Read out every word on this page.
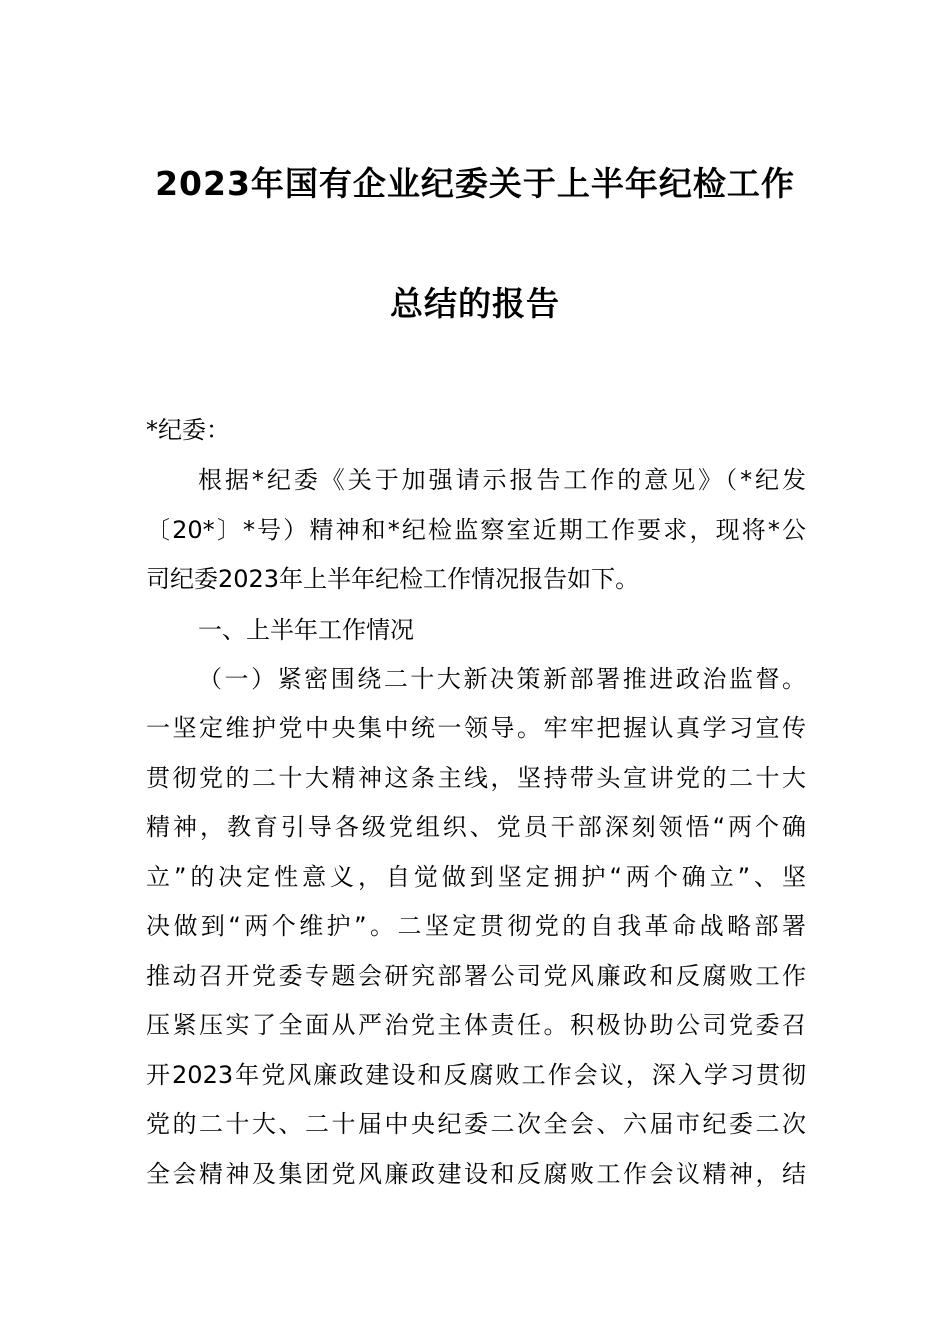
2023年国有企业纪委关于上半年纪检工作
总结的报告
*纪委：
根据*纪委《关于加强请示报告工作的意见》（*纪发
〔20*〕*号）精神和*纪检监察室近期工作要求，现将*公
司纪委2023年上半年纪检工作情况报告如下。
一、上半年工作情况
（一）紧密围绕二十大新决策新部署推进政治监督。
一坚定维护党中央集中统一领导。牢牢把握认真学习宣传
贯彻党的二十大精神这条主线，坚持带头宣讲党的二十大
精神，教育引导各级党组织、党员干部深刻领悟“两个确
立”的决定性意义，自觉做到坚定拥护“两个确立”、坚
决做到“两个维护”。二坚定贯彻党的自我革命战略部署
推动召开党委专题会研究部署公司党风廉政和反腐败工作
压紧压实了全面从严治党主体责任。积极协助公司党委召
开2023年党风廉政建设和反腐败工作会议，深入学习贯彻
党的二十大、二十届中央纪委二次全会、六届市纪委二次
全会精神及集团党风廉政建设和反腐败工作会议精神，结
